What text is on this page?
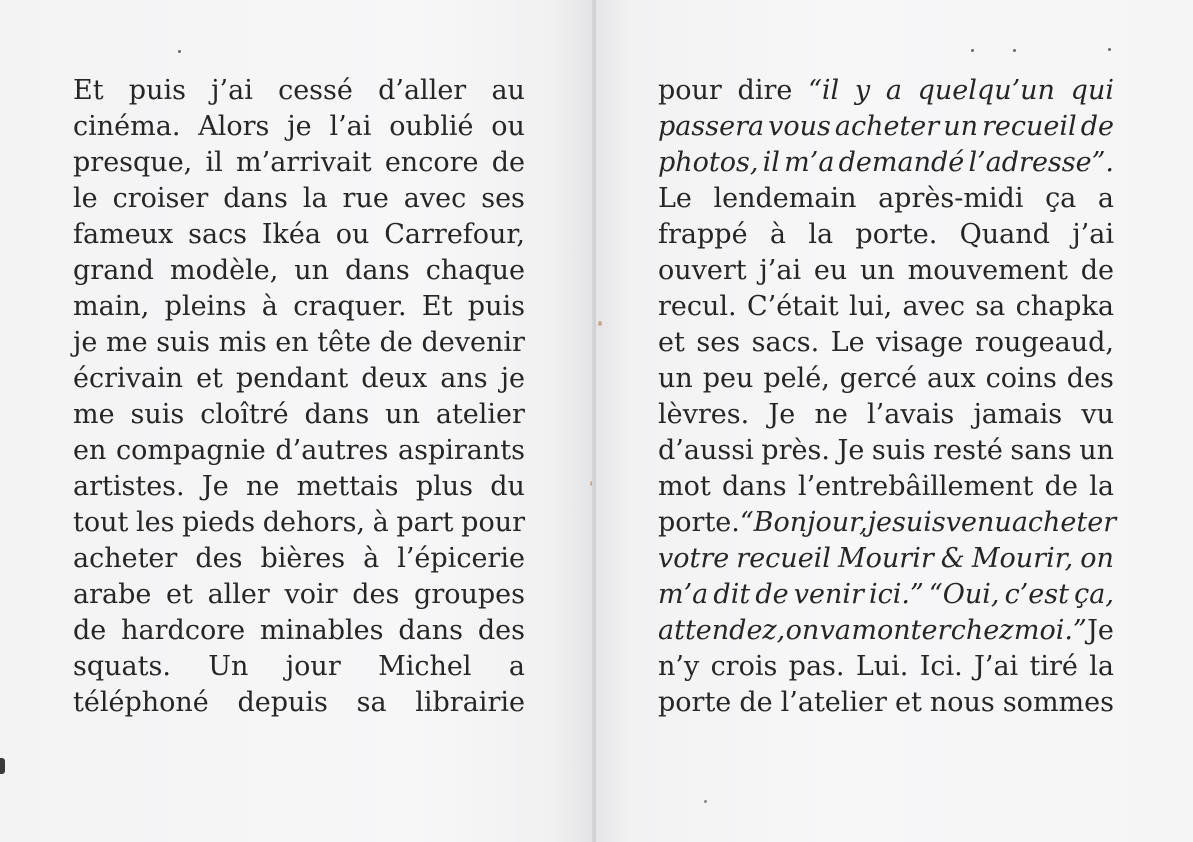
Et puis j’ai cessé d’aller au
cinéma. Alors je l’ai oublié ou
presque, il m’arrivait encore de
le croiser dans la rue avec ses
fameux sacs Ikéa ou Carrefour,
grand modèle, un dans chaque
main, pleins à craquer. Et puis
je me suis mis en tête de devenir
écrivain et pendant deux ans je
me suis cloîtré dans un atelier
en compagnie d’autres aspirants
artistes. Je ne mettais plus du
tout les pieds dehors, à part pour
acheter des bières à l’épicerie
arabe et aller voir des groupes
de hardcore minables dans des
squats. Un jour Michel a
téléphoné depuis sa librairie
pour dire “il y a quelqu’un qui
passera vous acheter un recueil de
photos, il m’a demandé l’adresse”.
Le lendemain après-midi ça a
frappé à la porte. Quand j’ai
ouvert j’ai eu un mouvement de
recul. C’était lui, avec sa chapka
et ses sacs. Le visage rougeaud,
un peu pelé, gercé aux coins des
lèvres. Je ne l’avais jamais vu
d’aussi près. Je suis resté sans un
mot dans l’entrebâillement de la
porte. “Bonjour, je suis venu acheter
votre recueil Mourir & Mourir, on
m’a dit de venir ici.” “Oui, c’est ça,
attendez, on va monter chez moi.” Je
n’y crois pas. Lui. Ici. J’ai tiré la
porte de l’atelier et nous sommes
